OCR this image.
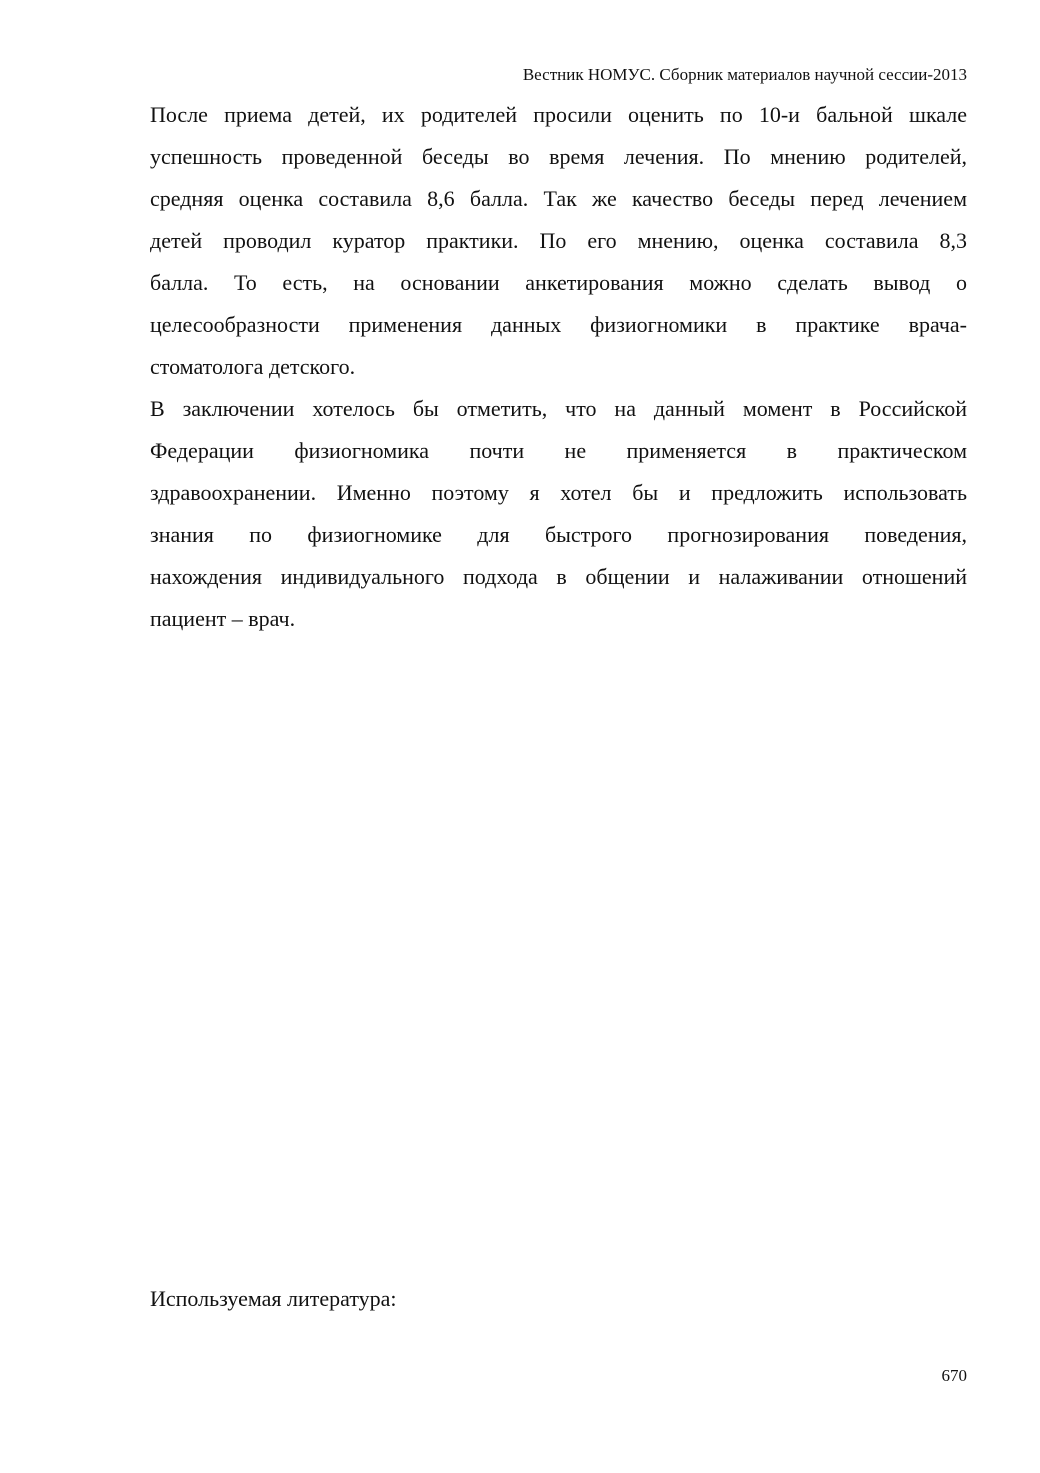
Вестник НОМУС. Сборник материалов научной сессии-2013
После приема детей, их родителей просили оценить по 10-и бальной шкале
успешность проведенной беседы во время лечения. По мнению родителей,
средняя оценка составила 8,6 балла. Так же качество беседы перед лечением
детей проводил куратор практики. По его мнению, оценка составила 8,3
балла. То есть, на основании анкетирования можно сделать вывод о
целесообразности применения данных физиогномики в практике врача-
стоматолога детского.
В заключении хотелось бы отметить, что на данный момент в Российской
Федерации физиогномика почти не применяется в практическом
здравоохранении. Именно поэтому я хотел бы и предложить использовать
знания по физиогномике для быстрого прогнозирования поведения,
нахождения индивидуального подхода в общении и налаживании отношений
пациент – врач.
Используемая литература:
670
